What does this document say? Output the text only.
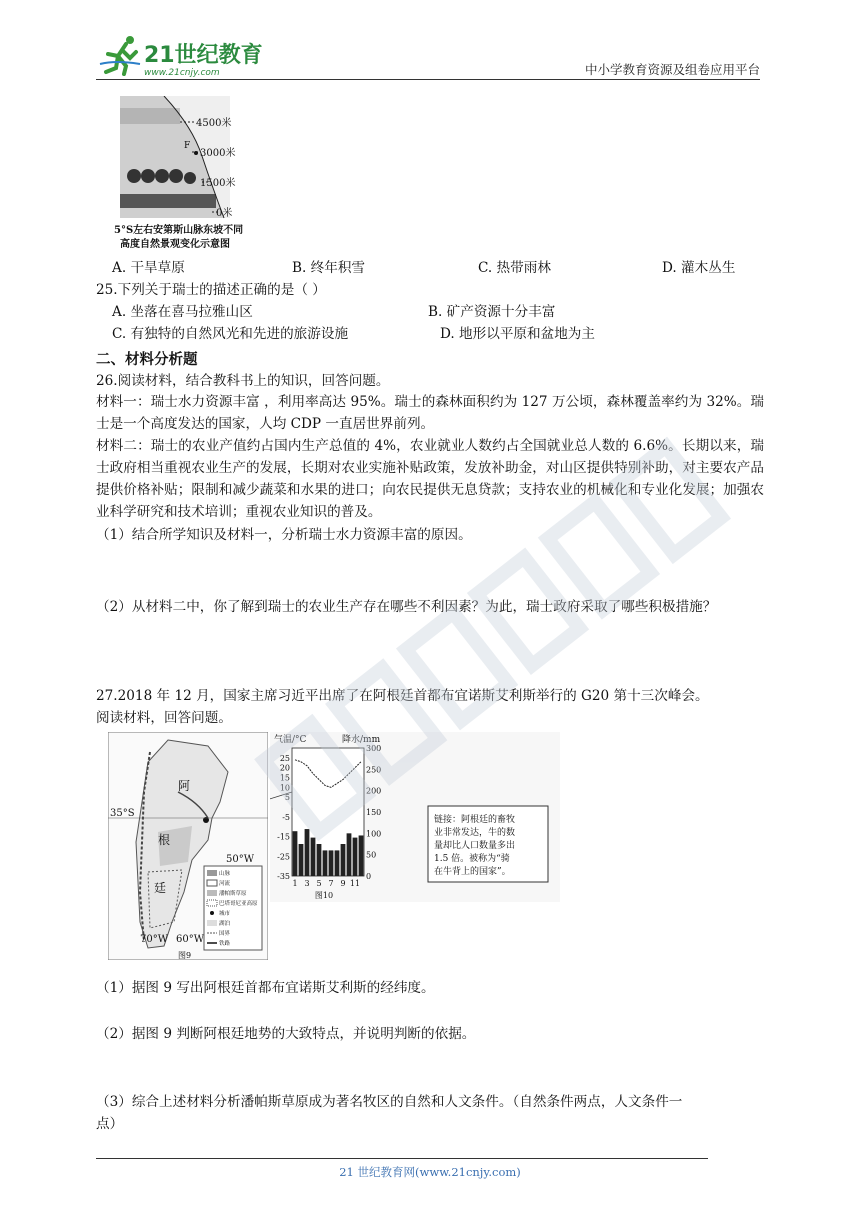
21世纪教育
www.21cnjy.com	中小学教育资源及组卷应用平台
4500米
3000米
F
1500米
0米
5°S左右安第斯山脉东坡不同
高度自然景观变化示意图
A. 干旱草原	B. 终年积雪	C. 热带雨林	D. 灌木丛生
25.下列关于瑞士的描述正确的是（ ）
A. 坐落在喜马拉雅山区	B. 矿产资源十分丰富
C. 有独特的自然风光和先进的旅游设施	D. 地形以平原和盆地为主
二、材料分析题
26.阅读材料，结合教科书上的知识，回答问题。
材料一：瑞士水力资源丰富 ，利用率高达 95%。瑞士的森林面积约为 127 万公顷，森林覆盖率约为 32%。瑞士是一个高度发达的国家，人均 CDP 一直居世界前列。
材料二：瑞士的农业产值约占国内生产总值的 4%，农业就业人数约占全国就业总人数的 6.6%。长期以来，瑞士政府相当重视农业生产的发展，长期对农业实施补贴政策，发放补助金，对山区提供特别补助，对主要农产品提供价格补贴；限制和减少蔬菜和水果的进口；向农民提供无息贷款；支持农业的机械化和专业化发展；加强农业科学研究和技术培训；重视农业知识的普及。
（1）结合所学知识及材料一，分析瑞士水力资源丰富的原因。
（2）从材料二中，你了解到瑞士的农业生产存在哪些不利因素？为此，瑞士政府采取了哪些积极措施？
27.2018 年 12 月，国家主席习近平出席了在阿根廷首都布宜诺斯艾利斯举行的 G20 第十三次峰会。
阅读材料，回答问题。
35°S
阿
根
廷
50°W
70°W 60°W
山脉
河流
潘帕斯草原
巴塔哥尼亚高原
城市
湖泊
国界
铁路
图9
气温/°C	降水/mm
25
20
15
10
5
-5
-15
-25
-35
300
250
200
150
100
50
0
1 3 5 7 9 11
图10
链接：阿根廷的畜牧
业非常发达，牛的数
量却比人口数量多出
1.5 倍。被称为“骑
在牛背上的国家”。
（1）据图 9 写出阿根廷首都布宜诺斯艾利斯的经纬度。
（2）据图 9 判断阿根廷地势的大致特点，并说明判断的依据。
（3）综合上述材料分析潘帕斯草原成为著名牧区的自然和人文条件。（自然条件两点，人文条件一
点）
21 世纪教育网(www.21cnjy.com)
